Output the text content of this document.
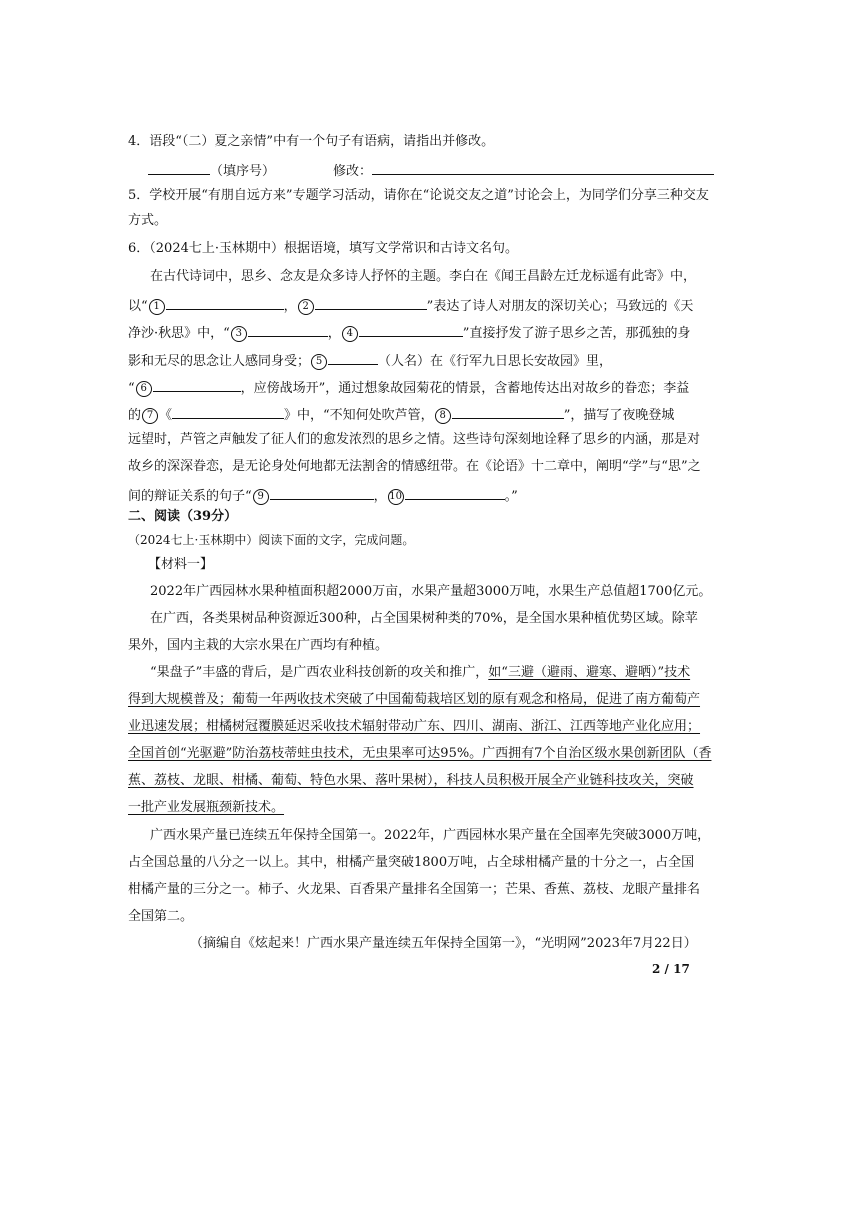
4．语段“（二）夏之亲情”中有一个句子有语病，请指出并修改。
（填序号）	修改：
5．学校开展“有朋自远方来”专题学习活动，请你在“论说交友之道”讨论会上，为同学们分享三种交友
方式。
6．（2024七上·玉林期中）根据语境，填写文学常识和古诗文名句。
在古代诗词中，思乡、念友是众多诗人抒怀的主题。李白在《闻王昌龄左迁龙标遥有此寄》中，
以“ 1	， 2	”表达了诗人对朋友的深切关心；马致远的《天
净沙·秋思》中，“ 3	， 4	”直接抒发了游子思乡之苦，那孤独的身
影和无尽的思念让人感同身受； 5	（人名）在《行军九日思长安故园》里，
“ 6	，应傍战场开”，通过想象故园菊花的情景，含蓄地传达出对故乡的眷恋；李益
的 7 《	》中，“不知何处吹芦管， 8	”，描写了夜晚登城
远望时，芦管之声触发了征人们的愈发浓烈的思乡之情。这些诗句深刻地诠释了思乡的内涵，那是对
故乡的深深眷恋，是无论身处何地都无法割舍的情感纽带。在《论语》十二章中，阐明“学”与“思”之
间的辩证关系的句子“ 9	， 10	。”
二、阅读（39分）
（2024七上·玉林期中）阅读下面的文字，完成问题。
【材料一】
2022年广西园林水果种植面积超2000万亩，水果产量超3000万吨，水果生产总值超1700亿元。
在广西，各类果树品种资源近300种，占全国果树种类的70%，是全国水果种植优势区域。除苹
果外，国内主栽的大宗水果在广西均有种植。
“果盘子”丰盛的背后，是广西农业科技创新的攻关和推广，如“三避（避雨、避寒、避晒）”技术
得到大规模普及；葡萄一年两收技术突破了中国葡萄栽培区划的原有观念和格局，促进了南方葡萄产
业迅速发展；柑橘树冠覆膜延迟采收技术辐射带动广东、四川、湖南、浙江、江西等地产业化应用；
全国首创“光驱避”防治荔枝蒂蛀虫技术，无虫果率可达95%。广西拥有7个自治区级水果创新团队（香
蕉、荔枝、龙眼、柑橘、葡萄、特色水果、落叶果树），科技人员积极开展全产业链科技攻关，突破
一批产业发展瓶颈新技术。
广西水果产量已连续五年保持全国第一。2022年，广西园林水果产量在全国率先突破3000万吨，
占全国总量的八分之一以上。其中，柑橘产量突破1800万吨，占全球柑橘产量的十分之一，占全国
柑橘产量的三分之一。柿子、火龙果、百香果产量排名全国第一；芒果、香蕉、荔枝、龙眼产量排名
全国第二。
（摘编自《炫起来！广西水果产量连续五年保持全国第一》，“光明网”2023年7月22日）
2 / 17
